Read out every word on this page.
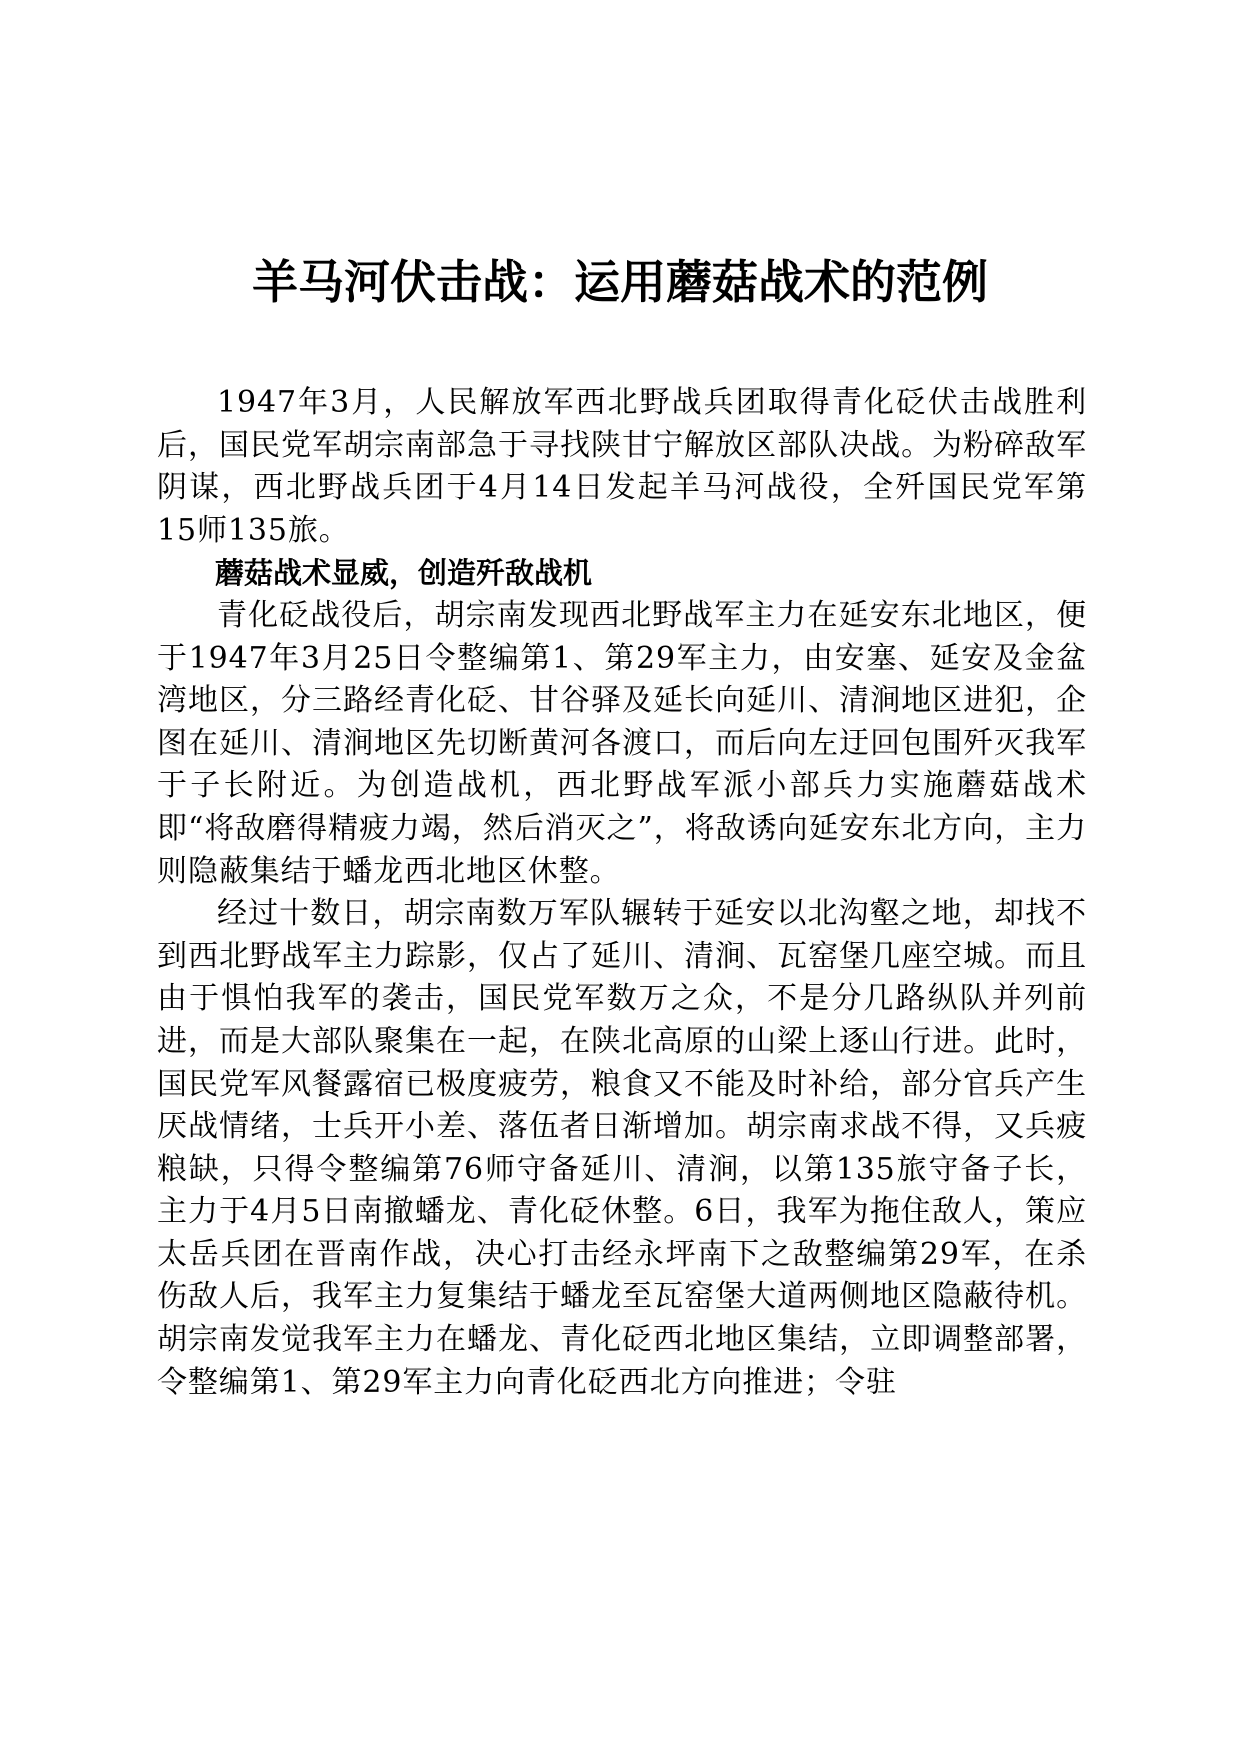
羊马河伏击战：运用蘑菇战术的范例

1947年3月，人民解放军西北野战兵团取得青化砭伏击战胜利后，国民党军胡宗南部急于寻找陕甘宁解放区部队决战。为粉碎敌军阴谋，西北野战兵团于4月14日发起羊马河战役，全歼国民党军第15师135旅。

蘑菇战术显威，创造歼敌战机

青化砭战役后，胡宗南发现西北野战军主力在延安东北地区，便于1947年3月25日令整编第1、第29军主力，由安塞、延安及金盆湾地区，分三路经青化砭、甘谷驿及延长向延川、清涧地区进犯，企图在延川、清涧地区先切断黄河各渡口，而后向左迂回包围歼灭我军于子长附近。为创造战机，西北野战军派小部兵力实施蘑菇战术即“将敌磨得精疲力竭，然后消灭之”，将敌诱向延安东北方向，主力则隐蔽集结于蟠龙西北地区休整。

经过十数日，胡宗南数万军队辗转于延安以北沟壑之地，却找不到西北野战军主力踪影，仅占了延川、清涧、瓦窑堡几座空城。而且由于惧怕我军的袭击，国民党军数万之众，不是分几路纵队并列前进，而是大部队聚集在一起，在陕北高原的山梁上逐山行进。此时，国民党军风餐露宿已极度疲劳，粮食又不能及时补给，部分官兵产生厌战情绪，士兵开小差、落伍者日渐增加。胡宗南求战不得，又兵疲粮缺，只得令整编第76师守备延川、清涧，以第135旅守备子长，主力于4月5日南撤蟠龙、青化砭休整。6日，我军为拖住敌人，策应太岳兵团在晋南作战，决心打击经永坪南下之敌整编第29军，在杀伤敌人后，我军主力复集结于蟠龙至瓦窑堡大道两侧地区隐蔽待机。胡宗南发觉我军主力在蟠龙、青化砭西北地区集结，立即调整部署，令整编第1、第29军主力向青化砭西北方向推进；令驻
